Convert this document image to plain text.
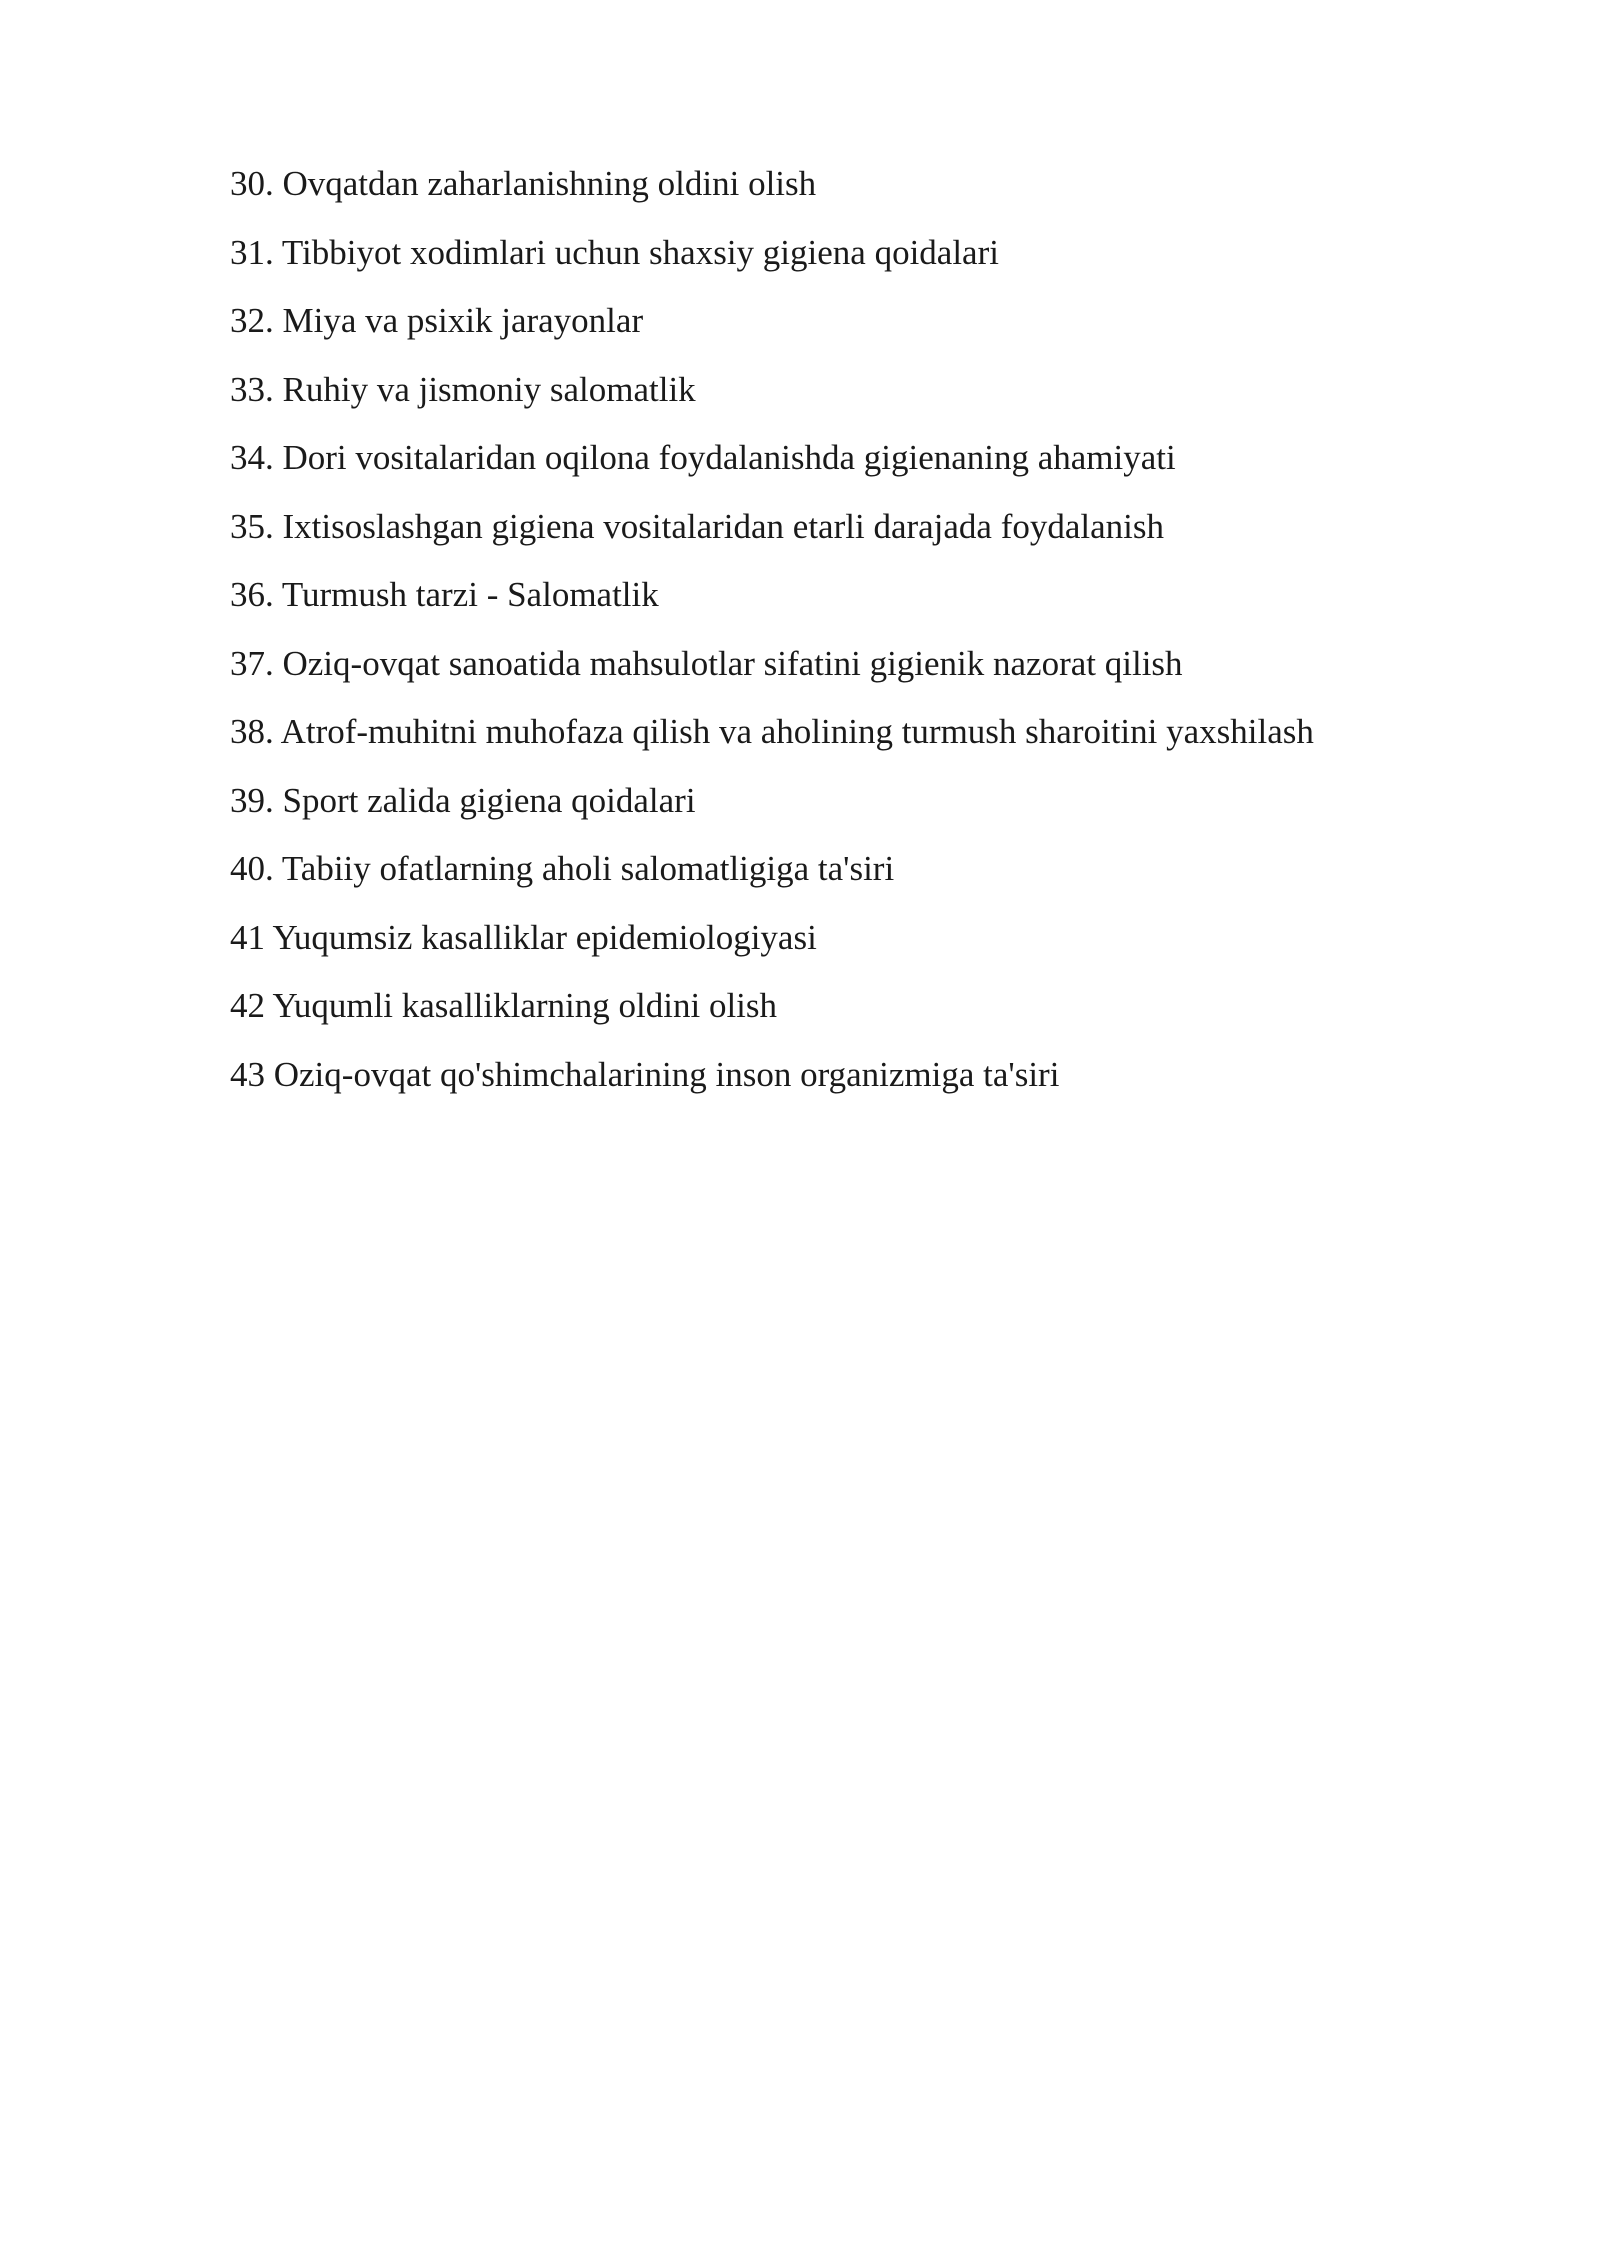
30. Ovqatdan zaharlanishning oldini olish
31. Tibbiyot xodimlari uchun shaxsiy gigiena qoidalari
32. Miya va psixik jarayonlar
33. Ruhiy va jismoniy salomatlik
34. Dori vositalaridan oqilona foydalanishda gigienaning ahamiyati
35. Ixtisoslashgan gigiena vositalaridan etarli darajada foydalanish
36. Turmush tarzi - Salomatlik
37. Oziq-ovqat sanoatida mahsulotlar sifatini gigienik nazorat qilish
38. Atrof-muhitni muhofaza qilish va aholining turmush sharoitini yaxshilash
39. Sport zalida gigiena qoidalari
40. Tabiiy ofatlarning aholi salomatligiga ta'siri
41 Yuqumsiz kasalliklar epidemiologiyasi
42 Yuqumli kasalliklarning oldini olish
43 Oziq-ovqat qo'shimchalarining inson organizmiga ta'siri
